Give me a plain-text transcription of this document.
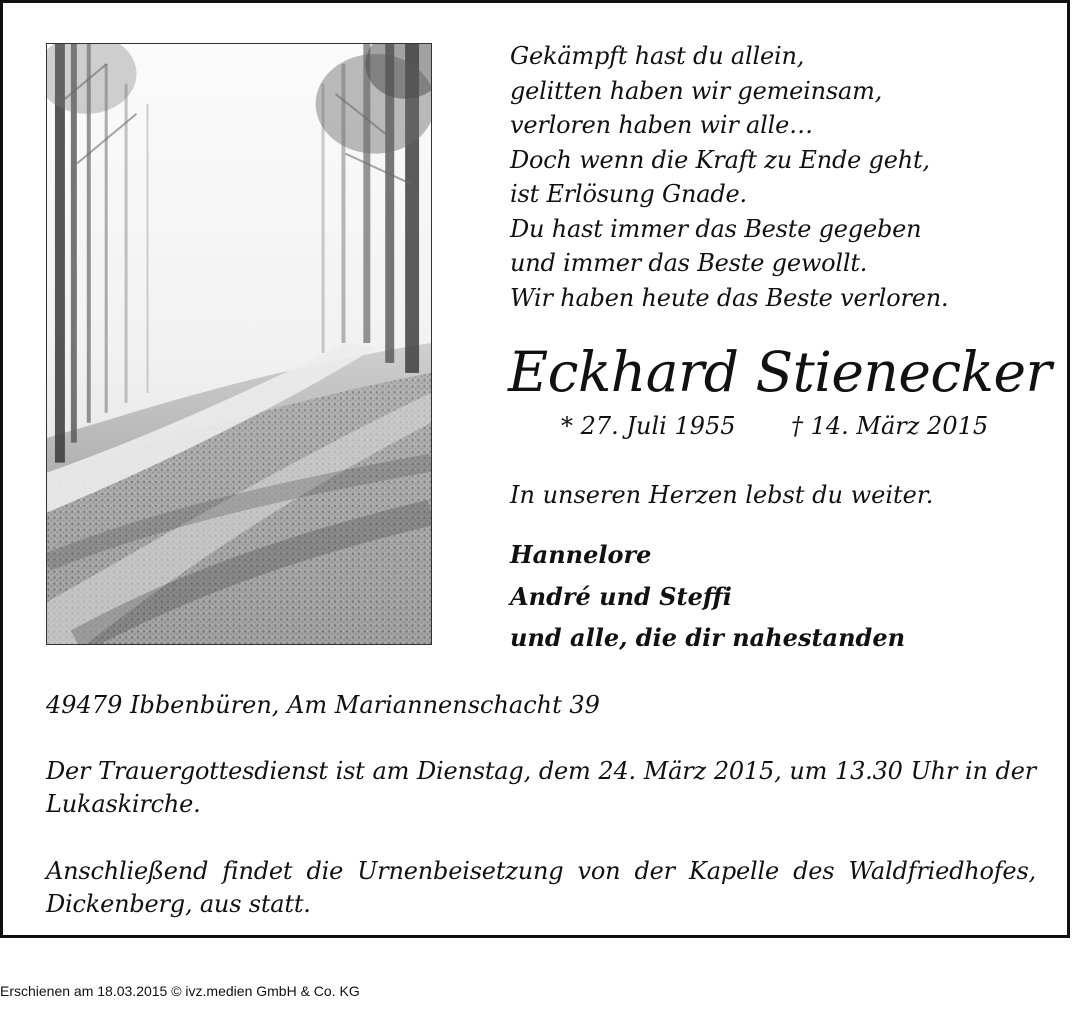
Gekämpft hast du allein,
gelitten haben wir gemeinsam,
verloren haben wir alle…
Doch wenn die Kraft zu Ende geht,
ist Erlösung Gnade.
Du hast immer das Beste gegeben
und immer das Beste gewollt.
Wir haben heute das Beste verloren.
Eckhard Stienecker
* 27. Juli 1955 † 14. März 2015
In unseren Herzen lebst du weiter.
Hannelore
André und Steffi
und alle, die dir nahestanden
49479 Ibbenbüren, Am Mariannenschacht 39
Der Trauergottesdienst ist am Dienstag, dem 24. März 2015, um 13.30 Uhr in der Lukaskirche.
Anschließend findet die Urnenbeisetzung von der Kapelle des Waldfriedhofes, Dickenberg, aus statt.
Erschienen am 18.03.2015 © ivz.medien GmbH & Co. KG
